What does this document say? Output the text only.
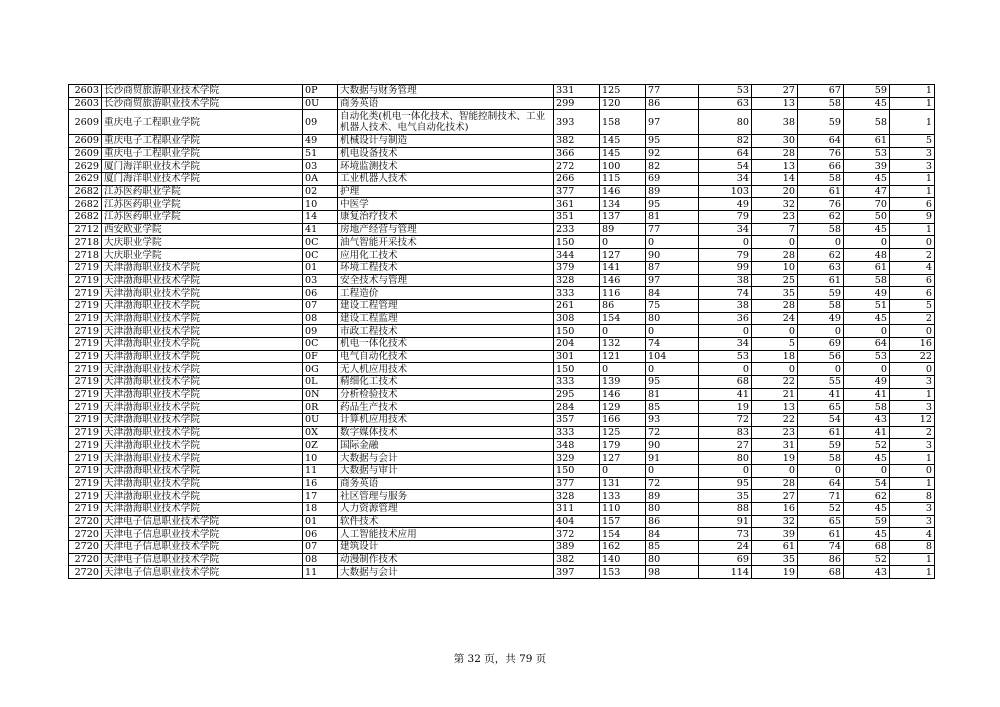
2603	长沙商贸旅游职业技术学院	0P	大数据与财务管理	331	125	77	53	27	67	59	1
2603	长沙商贸旅游职业技术学院	0U	商务英语	299	120	86	63	13	58	45	1
2609	重庆电子工程职业学院	09	自动化类(机电一体化技术、智能控制技术、工业机器人技术、电气自动化技术)	393	158	97	80	38	59	58	1
2609	重庆电子工程职业学院	49	机械设计与制造	382	145	95	82	30	64	61	5
2609	重庆电子工程职业学院	51	机电设备技术	366	145	92	64	28	76	53	3
2629	厦门海洋职业技术学院	03	环境监测技术	272	100	82	54	13	66	39	3
2629	厦门海洋职业技术学院	0A	工业机器人技术	266	115	69	34	14	58	45	1
2682	江苏医药职业学院	02	护理	377	146	89	103	20	61	47	1
2682	江苏医药职业学院	10	中医学	361	134	95	49	32	76	70	6
2682	江苏医药职业学院	14	康复治疗技术	351	137	81	79	23	62	50	9
2712	西安欧亚学院	41	房地产经营与管理	233	89	77	34	7	58	45	1
2718	大庆职业学院	0C	油气智能开采技术	150	0	0	0	0	0	0	0
2718	大庆职业学院	0C	应用化工技术	344	127	90	79	28	62	48	2
2719	天津渤海职业技术学院	01	环境工程技术	379	141	87	99	10	63	61	4
2719	天津渤海职业技术学院	03	安全技术与管理	328	146	97	38	25	61	58	6
2719	天津渤海职业技术学院	06	工程造价	333	116	84	74	35	59	49	6
2719	天津渤海职业技术学院	07	建设工程管理	261	86	75	38	28	58	51	5
2719	天津渤海职业技术学院	08	建设工程监理	308	154	80	36	24	49	45	2
2719	天津渤海职业技术学院	09	市政工程技术	150	0	0	0	0	0	0	0
2719	天津渤海职业技术学院	0C	机电一体化技术	204	132	74	34	5	69	64	16
2719	天津渤海职业技术学院	0F	电气自动化技术	301	121	104	53	18	56	53	22
2719	天津渤海职业技术学院	0G	无人机应用技术	150	0	0	0	0	0	0	0
2719	天津渤海职业技术学院	0L	精细化工技术	333	139	95	68	22	55	49	3
2719	天津渤海职业技术学院	0N	分析检验技术	295	146	81	41	21	41	41	1
2719	天津渤海职业技术学院	0R	药品生产技术	284	129	85	19	13	65	58	3
2719	天津渤海职业技术学院	0U	计算机应用技术	357	166	93	72	22	54	43	12
2719	天津渤海职业技术学院	0X	数字媒体技术	333	125	72	83	23	61	41	2
2719	天津渤海职业技术学院	0Z	国际金融	348	179	90	27	31	59	52	3
2719	天津渤海职业技术学院	10	大数据与会计	329	127	91	80	19	58	45	1
2719	天津渤海职业技术学院	11	大数据与审计	150	0	0	0	0	0	0	0
2719	天津渤海职业技术学院	16	商务英语	377	131	72	95	28	64	54	1
2719	天津渤海职业技术学院	17	社区管理与服务	328	133	89	35	27	71	62	8
2719	天津渤海职业技术学院	18	人力资源管理	311	110	80	88	16	52	45	3
2720	天津电子信息职业技术学院	01	软件技术	404	157	86	91	32	65	59	3
2720	天津电子信息职业技术学院	06	人工智能技术应用	372	154	84	73	39	61	45	4
2720	天津电子信息职业技术学院	07	建筑设计	389	162	85	24	61	74	68	8
2720	天津电子信息职业技术学院	08	动漫制作技术	382	140	80	69	35	86	52	1
2720	天津电子信息职业技术学院	11	大数据与会计	397	153	98	114	19	68	43	1
第 32 页，共 79 页
